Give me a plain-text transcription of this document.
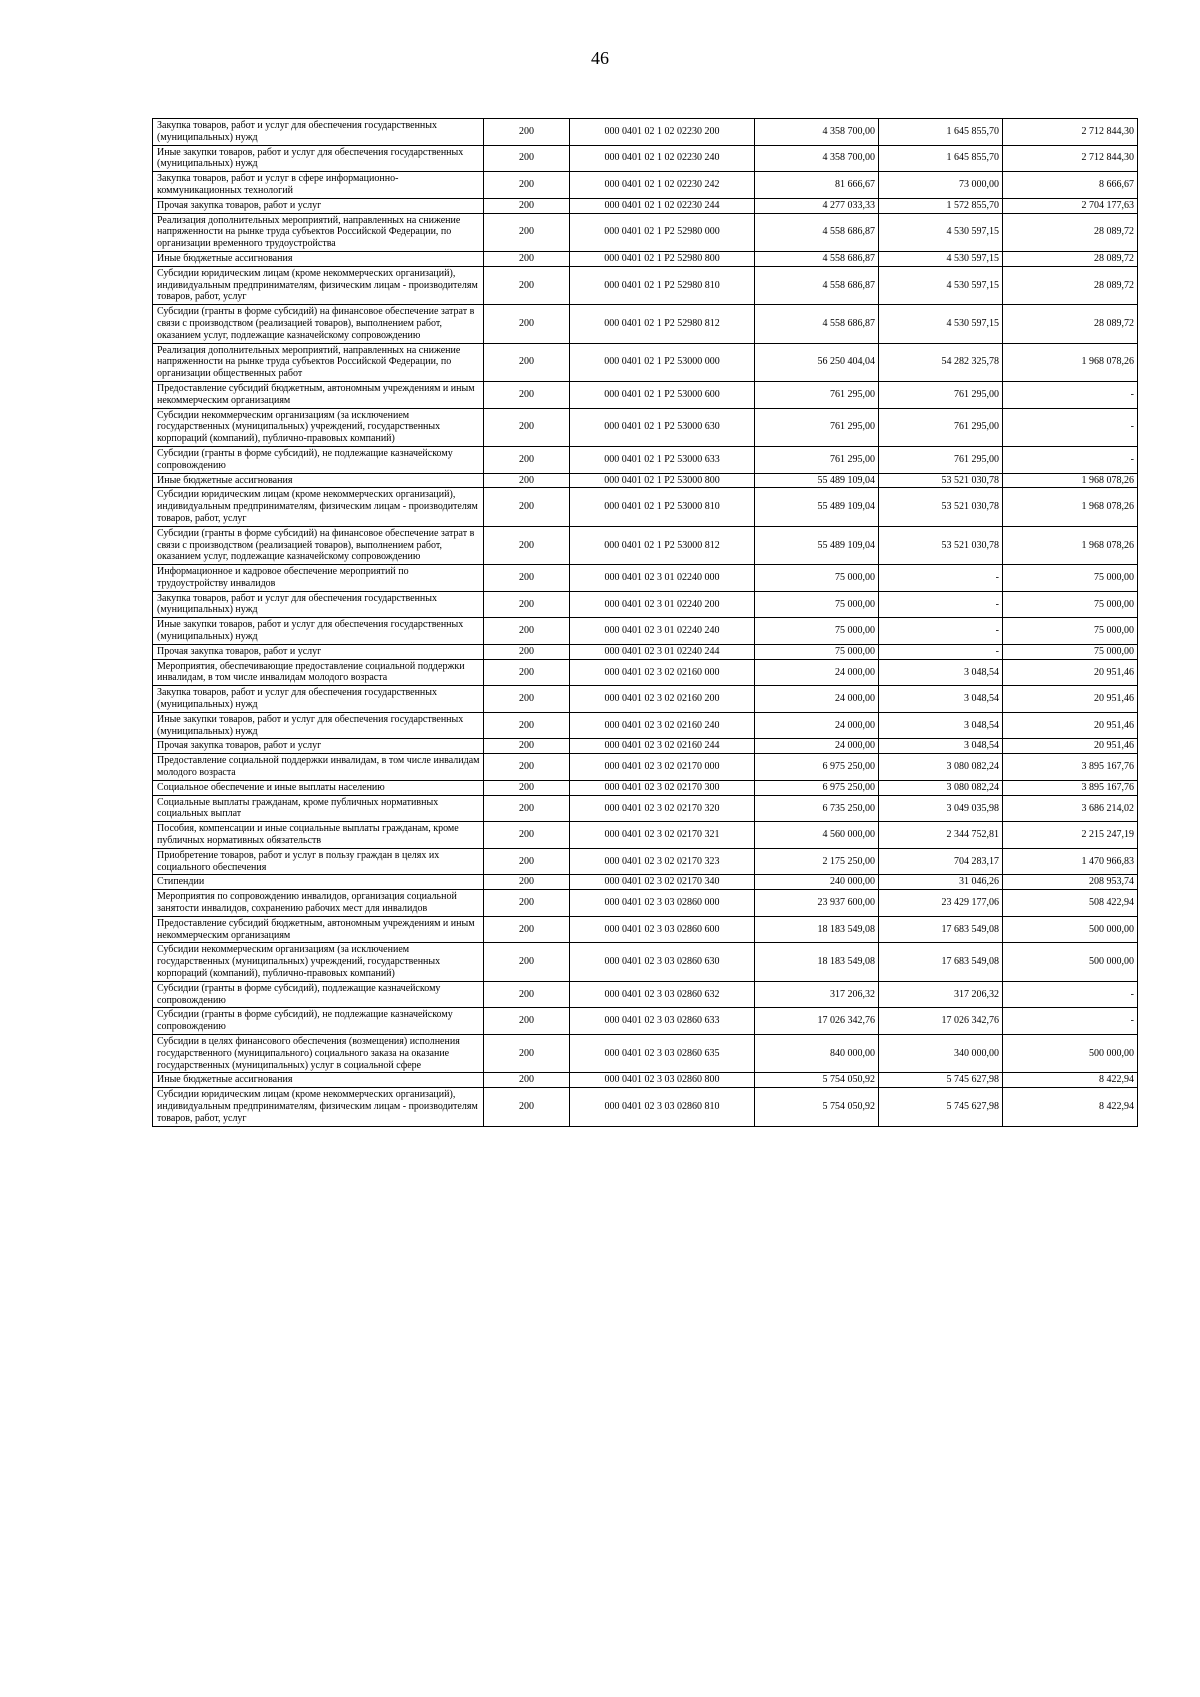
46
Закупка товаров, работ и услуг для обеспечения государственных (муниципальных) нужд	200	000 0401 02 1 02 02230 200	4 358 700,00	1 645 855,70	2 712 844,30
Иные закупки товаров, работ и услуг для обеспечения государственных (муниципальных) нужд	200	000 0401 02 1 02 02230 240	4 358 700,00	1 645 855,70	2 712 844,30
Закупка товаров, работ и услуг в сфере информационно-коммуникационных технологий	200	000 0401 02 1 02 02230 242	81 666,67	73 000,00	8 666,67
Прочая закупка товаров, работ и услуг	200	000 0401 02 1 02 02230 244	4 277 033,33	1 572 855,70	2 704 177,63
Реализация дополнительных мероприятий, направленных на снижение напряженности на рынке труда субъектов Российской Федерации, по организации временного трудоустройства	200	000 0401 02 1 P2 52980 000	4 558 686,87	4 530 597,15	28 089,72
Иные бюджетные ассигнования	200	000 0401 02 1 P2 52980 800	4 558 686,87	4 530 597,15	28 089,72
Субсидии юридическим лицам (кроме некоммерческих организаций), индивидуальным предпринимателям, физическим лицам - производителям товаров, работ, услуг	200	000 0401 02 1 P2 52980 810	4 558 686,87	4 530 597,15	28 089,72
Субсидии (гранты в форме субсидий) на финансовое обеспечение затрат в связи с производством (реализацией товаров), выполнением работ, оказанием услуг, подлежащие казначейскому сопровождению	200	000 0401 02 1 P2 52980 812	4 558 686,87	4 530 597,15	28 089,72
Реализация дополнительных мероприятий, направленных на снижение напряженности на рынке труда субъектов Российской Федерации, по организации общественных работ	200	000 0401 02 1 P2 53000 000	56 250 404,04	54 282 325,78	1 968 078,26
Предоставление субсидий бюджетным, автономным учреждениям и иным некоммерческим организациям	200	000 0401 02 1 P2 53000 600	761 295,00	761 295,00	-
Субсидии некоммерческим организациям (за исключением государственных (муниципальных) учреждений, государственных корпораций (компаний), публично-правовых компаний)	200	000 0401 02 1 P2 53000 630	761 295,00	761 295,00	-
Субсидии (гранты в форме субсидий), не подлежащие казначейскому сопровождению	200	000 0401 02 1 P2 53000 633	761 295,00	761 295,00	-
Иные бюджетные ассигнования	200	000 0401 02 1 P2 53000 800	55 489 109,04	53 521 030,78	1 968 078,26
Субсидии юридическим лицам (кроме некоммерческих организаций), индивидуальным предпринимателям, физическим лицам - производителям товаров, работ, услуг	200	000 0401 02 1 P2 53000 810	55 489 109,04	53 521 030,78	1 968 078,26
Субсидии (гранты в форме субсидий) на финансовое обеспечение затрат в связи с производством (реализацией товаров), выполнением работ, оказанием услуг, подлежащие казначейскому сопровождению	200	000 0401 02 1 P2 53000 812	55 489 109,04	53 521 030,78	1 968 078,26
Информационное и кадровое обеспечение мероприятий по трудоустройству инвалидов	200	000 0401 02 3 01 02240 000	75 000,00	-	75 000,00
Закупка товаров, работ и услуг для обеспечения государственных (муниципальных) нужд	200	000 0401 02 3 01 02240 200	75 000,00	-	75 000,00
Иные закупки товаров, работ и услуг для обеспечения государственных (муниципальных) нужд	200	000 0401 02 3 01 02240 240	75 000,00	-	75 000,00
Прочая закупка товаров, работ и услуг	200	000 0401 02 3 01 02240 244	75 000,00	-	75 000,00
Мероприятия, обеспечивающие предоставление социальной поддержки инвалидам, в том числе инвалидам молодого возраста	200	000 0401 02 3 02 02160 000	24 000,00	3 048,54	20 951,46
Закупка товаров, работ и услуг для обеспечения государственных (муниципальных) нужд	200	000 0401 02 3 02 02160 200	24 000,00	3 048,54	20 951,46
Иные закупки товаров, работ и услуг для обеспечения государственных (муниципальных) нужд	200	000 0401 02 3 02 02160 240	24 000,00	3 048,54	20 951,46
Прочая закупка товаров, работ и услуг	200	000 0401 02 3 02 02160 244	24 000,00	3 048,54	20 951,46
Предоставление социальной поддержки инвалидам, в том числе инвалидам молодого возраста	200	000 0401 02 3 02 02170 000	6 975 250,00	3 080 082,24	3 895 167,76
Социальное обеспечение и иные выплаты населению	200	000 0401 02 3 02 02170 300	6 975 250,00	3 080 082,24	3 895 167,76
Социальные выплаты гражданам, кроме публичных нормативных социальных выплат	200	000 0401 02 3 02 02170 320	6 735 250,00	3 049 035,98	3 686 214,02
Пособия, компенсации и иные социальные выплаты гражданам, кроме публичных нормативных обязательств	200	000 0401 02 3 02 02170 321	4 560 000,00	2 344 752,81	2 215 247,19
Приобретение товаров, работ и услуг в пользу граждан в целях их социального обеспечения	200	000 0401 02 3 02 02170 323	2 175 250,00	704 283,17	1 470 966,83
Стипендии	200	000 0401 02 3 02 02170 340	240 000,00	31 046,26	208 953,74
Мероприятия по сопровождению инвалидов, организация социальной занятости инвалидов, сохранению рабочих мест для инвалидов	200	000 0401 02 3 03 02860 000	23 937 600,00	23 429 177,06	508 422,94
Предоставление субсидий бюджетным, автономным учреждениям и иным некоммерческим организациям	200	000 0401 02 3 03 02860 600	18 183 549,08	17 683 549,08	500 000,00
Субсидии некоммерческим организациям (за исключением государственных (муниципальных) учреждений, государственных корпораций (компаний), публично-правовых компаний)	200	000 0401 02 3 03 02860 630	18 183 549,08	17 683 549,08	500 000,00
Субсидии (гранты в форме субсидий), подлежащие казначейскому сопровождению	200	000 0401 02 3 03 02860 632	317 206,32	317 206,32	-
Субсидии (гранты в форме субсидий), не подлежащие казначейскому сопровождению	200	000 0401 02 3 03 02860 633	17 026 342,76	17 026 342,76	-
Субсидии в целях финансового обеспечения (возмещения) исполнения государственного (муниципального) социального заказа на оказание государственных (муниципальных) услуг в социальной сфере	200	000 0401 02 3 03 02860 635	840 000,00	340 000,00	500 000,00
Иные бюджетные ассигнования	200	000 0401 02 3 03 02860 800	5 754 050,92	5 745 627,98	8 422,94
Субсидии юридическим лицам (кроме некоммерческих организаций), индивидуальным предпринимателям, физическим лицам - производителям товаров, работ, услуг	200	000 0401 02 3 03 02860 810	5 754 050,92	5 745 627,98	8 422,94
